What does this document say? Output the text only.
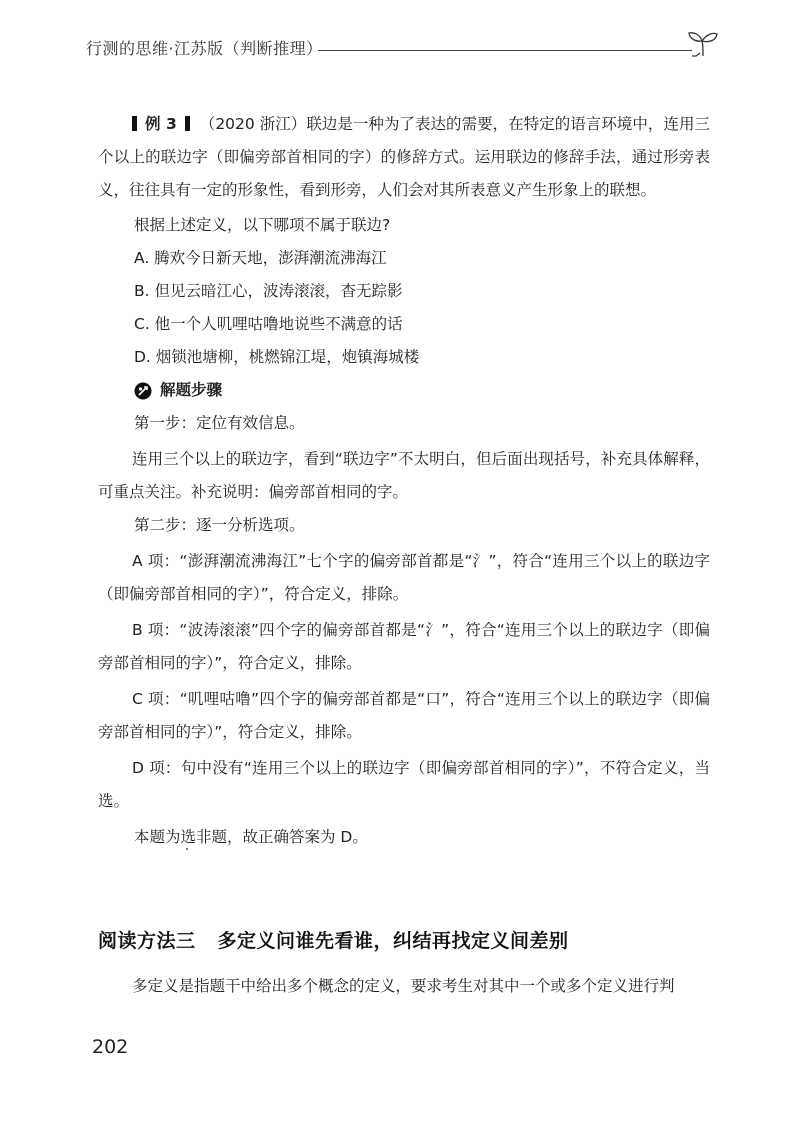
行测的思维·江苏版（判断推理）

例 3 （2020 浙江）联边是一种为了表达的需要，在特定的语言环境中，连用三个以上的联边字（即偏旁部首相同的字）的修辞方式。运用联边的修辞手法，通过形旁表义，往往具有一定的形象性，看到形旁，人们会对其所表意义产生形象上的联想。

根据上述定义，以下哪项不属于联边?

A. 腾欢今日新天地，澎湃潮流沸海江

B. 但见云暗江心，波涛滚滚，杳无踪影

C. 他一个人叽哩咕噜地说些不满意的话

D. 烟锁池塘柳，桃燃锦江堤，炮镇海城楼

解题步骤

第一步：定位有效信息。

连用三个以上的联边字，看到“联边字”不太明白，但后面出现括号，补充具体解释，可重点关注。补充说明：偏旁部首相同的字。

第二步：逐一分析选项。

A 项：“澎湃潮流沸海江”七个字的偏旁部首都是“氵”，符合“连用三个以上的联边字（即偏旁部首相同的字）”，符合定义，排除。

B 项：“波涛滚滚”四个字的偏旁部首都是“氵”，符合“连用三个以上的联边字（即偏旁部首相同的字）”，符合定义，排除。

C 项：“叽哩咕噜”四个字的偏旁部首都是“口”，符合“连用三个以上的联边字（即偏旁部首相同的字）”，符合定义，排除。

D 项：句中没有“连用三个以上的联边字（即偏旁部首相同的字）”，不符合定义，当选。

本题为选非题，故正确答案为 D。

阅读方法三 多定义问谁先看谁，纠结再找定义间差别

多定义是指题干中给出多个概念的定义，要求考生对其中一个或多个定义进行判

202
